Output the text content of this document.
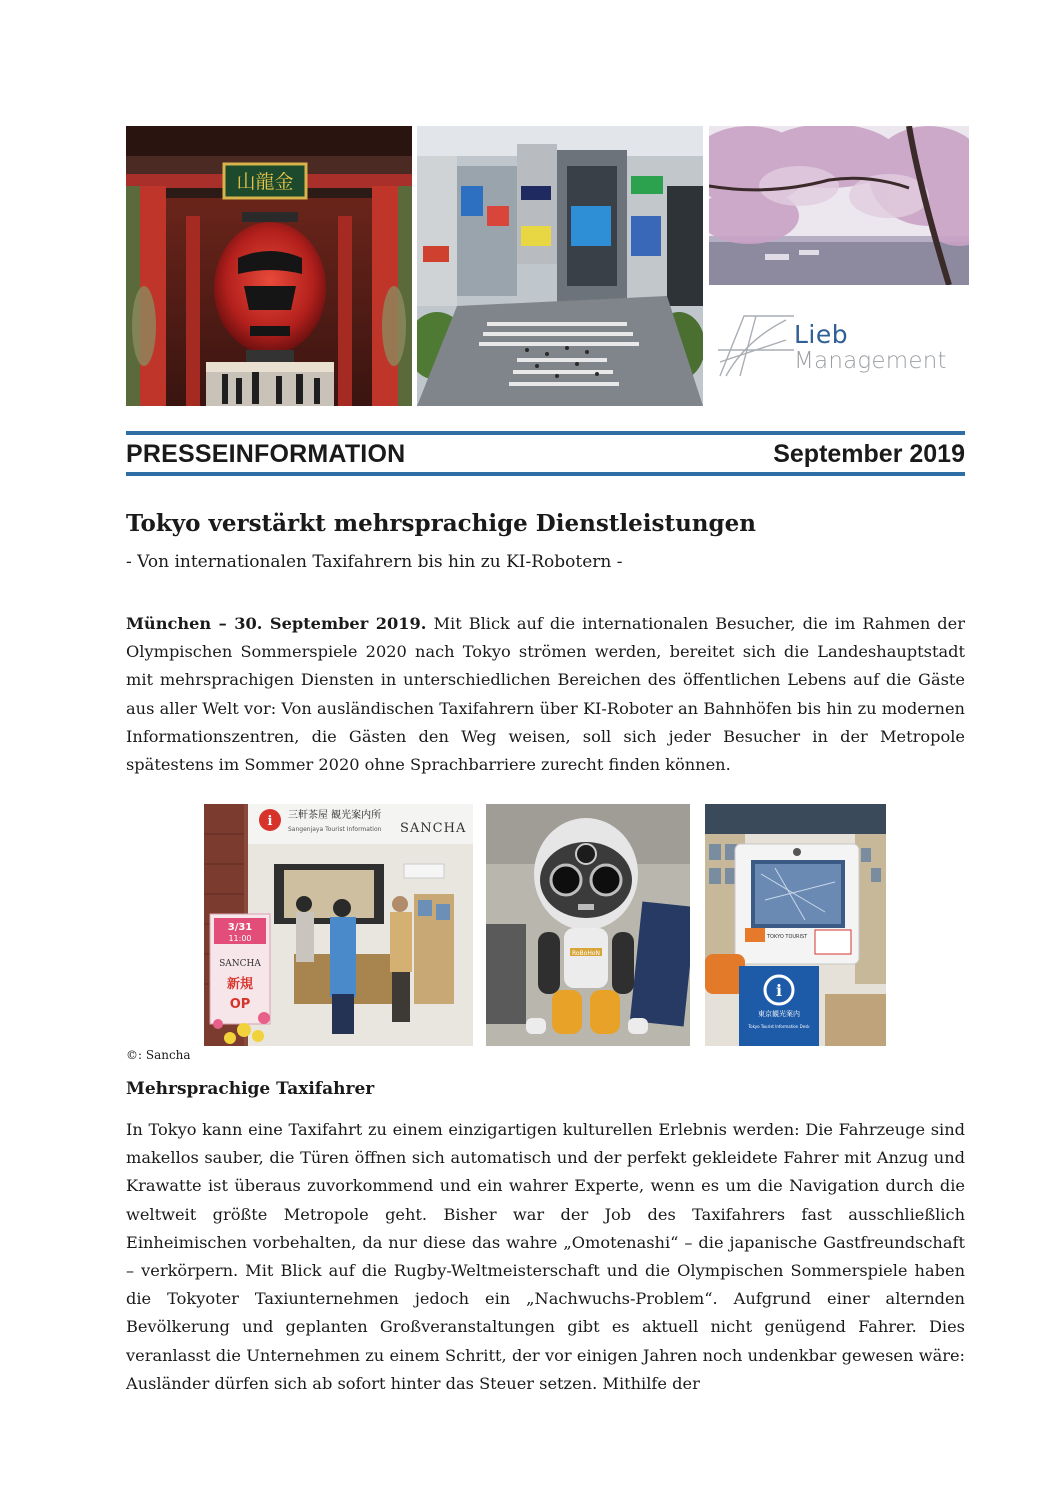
山龍金
Lieb
Management
PRESSEINFORMATION	September 2019
Tokyo verstärkt mehrsprachige Dienstleistungen
- Von internationalen Taxifahrern bis hin zu KI-Robotern -
München – 30. September 2019. Mit Blick auf die internationalen Besucher, die im Rahmen der Olympischen Sommerspiele 2020 nach Tokyo strömen werden, bereitet sich die Landeshauptstadt mit mehrsprachigen Diensten in unterschiedlichen Bereichen des öffentlichen Lebens auf die Gäste aus aller Welt vor: Von ausländischen Taxifahrern über KI-Roboter an Bahnhöfen bis hin zu modernen Informationszentren, die Gästen den Weg weisen, soll sich jeder Besucher in der Metropole spätestens im Sommer 2020 ohne Sprachbarriere zurecht finden können.
i 三軒茶屋 観光案内所
Sangenjaya Tourist Information SANCHA
3/31
11:00
SANCHA
新規
OP
RoBoHoN
TOKYO TOURIST
i
東京観光案内
Tokyo Tourist Information Desk
©: Sancha
Mehrsprachige Taxifahrer
In Tokyo kann eine Taxifahrt zu einem einzigartigen kulturellen Erlebnis werden: Die Fahrzeuge sind makellos sauber, die Türen öffnen sich automatisch und der perfekt gekleidete Fahrer mit Anzug und Krawatte ist überaus zuvorkommend und ein wahrer Experte, wenn es um die Navigation durch die weltweit größte Metropole geht. Bisher war der Job des Taxifahrers fast ausschließlich Einheimischen vorbehalten, da nur diese das wahre „Omotenashi“ – die japanische Gastfreundschaft – verkörpern. Mit Blick auf die Rugby-Weltmeisterschaft und die Olympischen Sommerspiele haben die Tokyoter Taxiunternehmen jedoch ein „Nachwuchs-Problem“. Aufgrund einer alternden Bevölkerung und geplanten Großveranstaltungen gibt es aktuell nicht genügend Fahrer. Dies veranlasst die Unternehmen zu einem Schritt, der vor einigen Jahren noch undenkbar gewesen wäre: Ausländer dürfen sich ab sofort hinter das Steuer setzen. Mithilfe der
